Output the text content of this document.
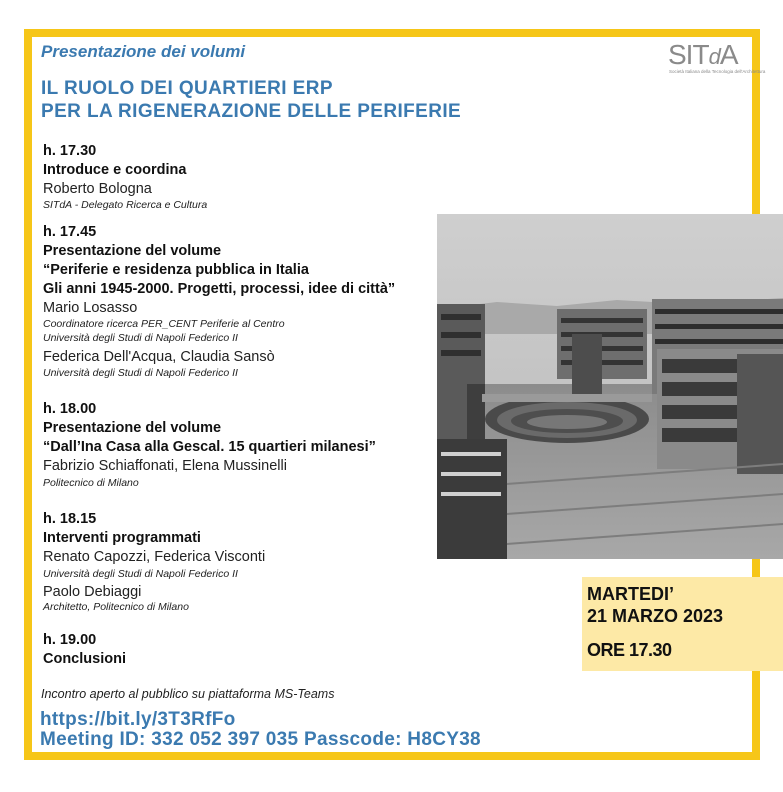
MARTEDI’
21 MARZO 2023
ORE 17.30
Presentazione dei volumi
IL RUOLO DEI QUARTIERI ERP
PER LA RIGENERAZIONE DELLE PERIFERIE
SITdA
Società Italiana della Tecnologia dell'Architettura
h. 17.30
Introduce e coordina
Roberto Bologna
SITdA - Delegato Ricerca e Cultura
h. 17.45
Presentazione del volume
“Periferie e residenza pubblica in Italia
Gli anni 1945-2000. Progetti, processi, idee di città”
Mario Losasso
Coordinatore ricerca PER_CENT Periferie al Centro
Università degli Studi di Napoli Federico II
Federica Dell'Acqua, Claudia Sansò
Università degli Studi di Napoli Federico II
h. 18.00
Presentazione del volume
“Dall’Ina Casa alla Gescal. 15 quartieri milanesi”
Fabrizio Schiaffonati, Elena Mussinelli
Politecnico di Milano
h. 18.15
Interventi programmati
Renato Capozzi, Federica Visconti
Università degli Studi di Napoli Federico II
Paolo Debiaggi
Architetto, Politecnico di Milano
h. 19.00
Conclusioni
Incontro aperto al pubblico su piattaforma MS-Teams
https://bit.ly/3T3RfFo
Meeting ID: 332 052 397 035 Passcode: H8CY38
